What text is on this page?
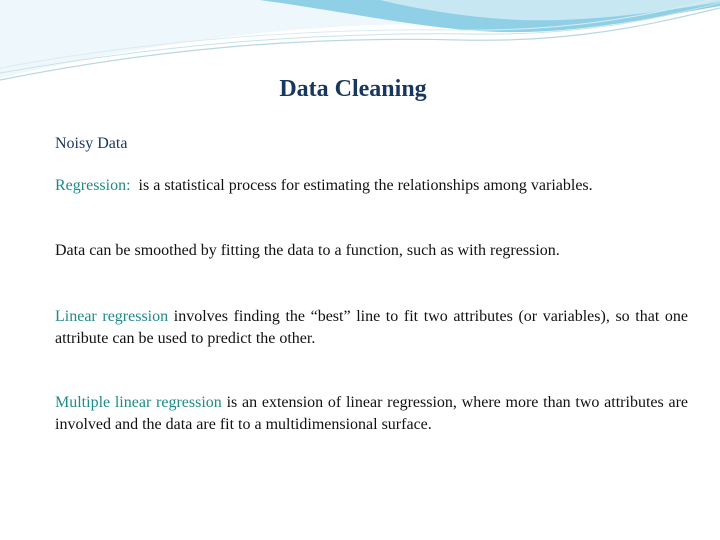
Data Cleaning

Noisy Data

Regression: is a statistical process for estimating the relationships among variables.

Data can be smoothed by fitting the data to a function, such as with regression.

Linear regression involves finding the “best” line to fit two attributes (or variables), so that one attribute can be used to predict the other.

Multiple linear regression is an extension of linear regression, where more than two attributes are involved and the data are fit to a multidimensional surface.
